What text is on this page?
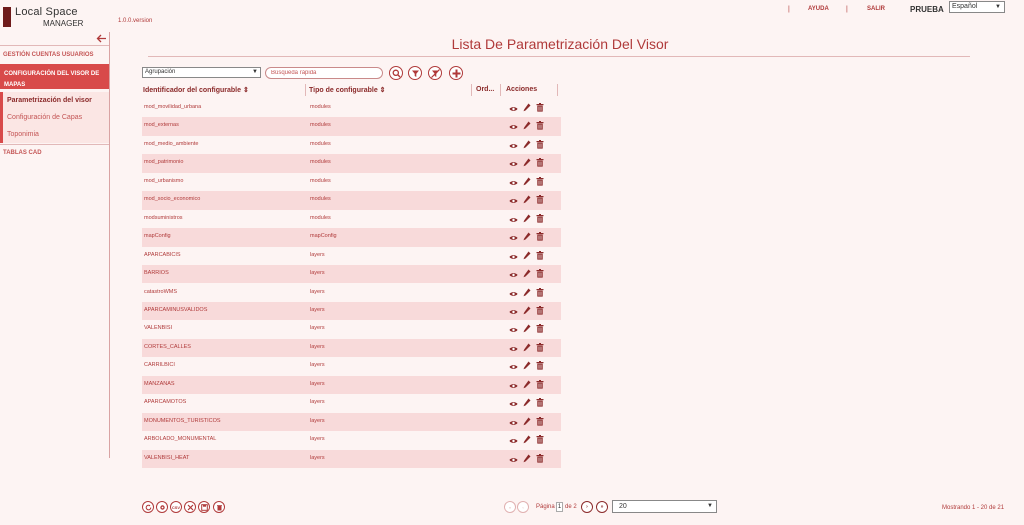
Local Space
MANAGER	1.0.0.version
|	AYUDA |	SALIR	PRUEBA	Español	▼
GESTIÓN CUENTAS USUARIOS
CONFIGURACIÓN DEL VISOR DE MAPAS
Parametrización del visor
Configuración de Capas
Toponimia
TABLAS CAD
Lista De Parametrización Del Visor
Agrupación	▼
Búsqueda rápida
Identificador del configurable ⇕	Tipo de configurable ⇕	Ord... Acciones
mod_movilidad_urbana	modules
mod_externas	modules
mod_medio_ambiente	modules
mod_patrimonio	modules
mod_urbanismo	modules
mod_socio_economico	modules
modsuministros	modules
mapConfig	mapConfig
APARCABICIS	layers
BARRIOS	layers
catastroWMS	layers
APARCAMINUSVALIDOS	layers
VALENBISI	layers
CORTES_CALLES	layers
CARRILBICI	layers
MANZANAS	layers
APARCAMOTOS	layers
MONUMENTOS_TURISTICOS	layers
ARBOLADO_MONUMENTAL	layers
VALENBISI_HEAT	layers
CSV	«	‹	Página 1 de 2	›	»	20	▼	Mostrando 1 - 20 de 21
